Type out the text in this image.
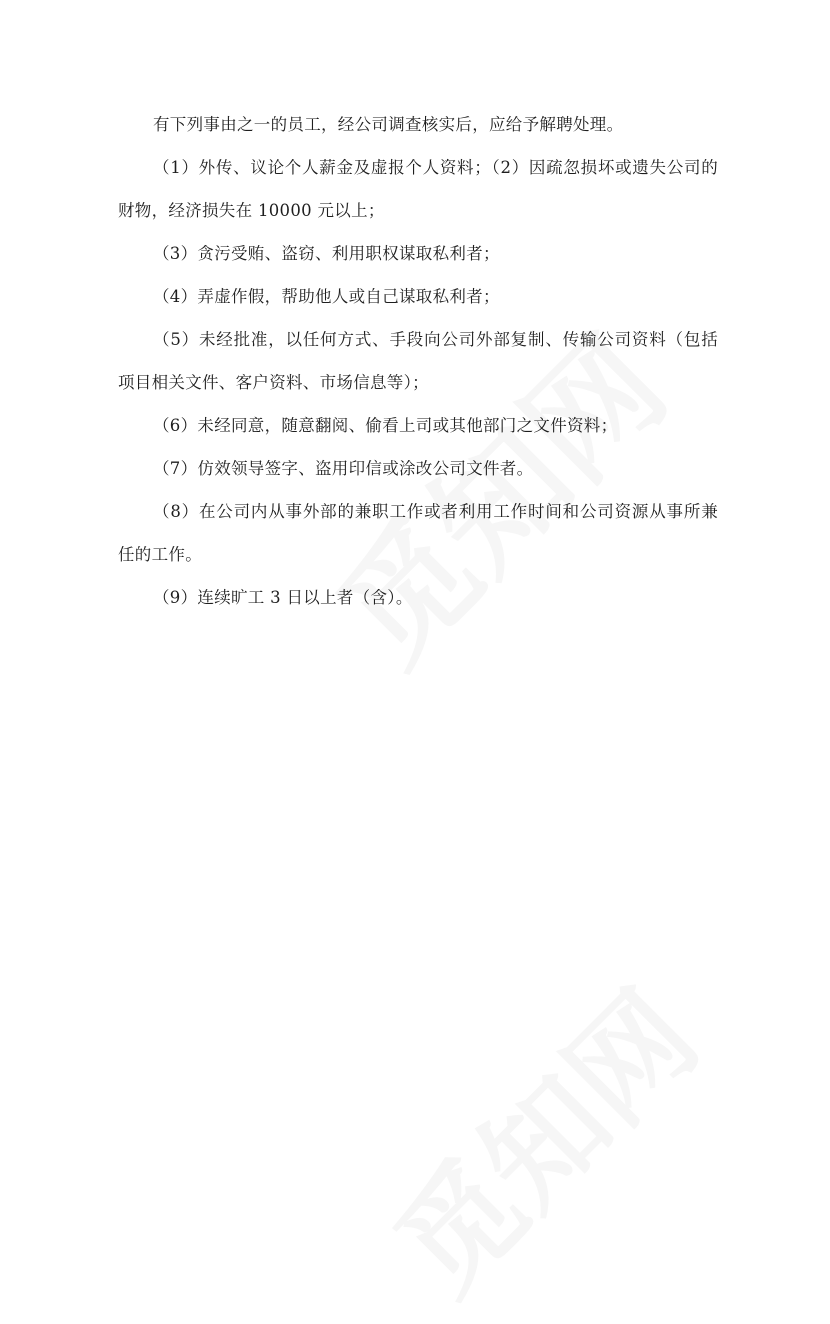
有下列事由之一的员工，经公司调查核实后，应给予解聘处理。

（1）外传、议论个人薪金及虚报个人资料；（2）因疏忽损坏或遗失公司的财物，经济损失在 10000 元以上；

（3）贪污受贿、盗窃、利用职权谋取私利者；

（4）弄虚作假，帮助他人或自己谋取私利者；

（5）未经批准，以任何方式、手段向公司外部复制、传输公司资料（包括项目相关文件、客户资料、市场信息等）；

（6）未经同意，随意翻阅、偷看上司或其他部门之文件资料；

（7）仿效领导签字、盗用印信或涂改公司文件者。

（8）在公司内从事外部的兼职工作或者利用工作时间和公司资源从事所兼任的工作。

（9）连续旷工 3 日以上者（含）。
